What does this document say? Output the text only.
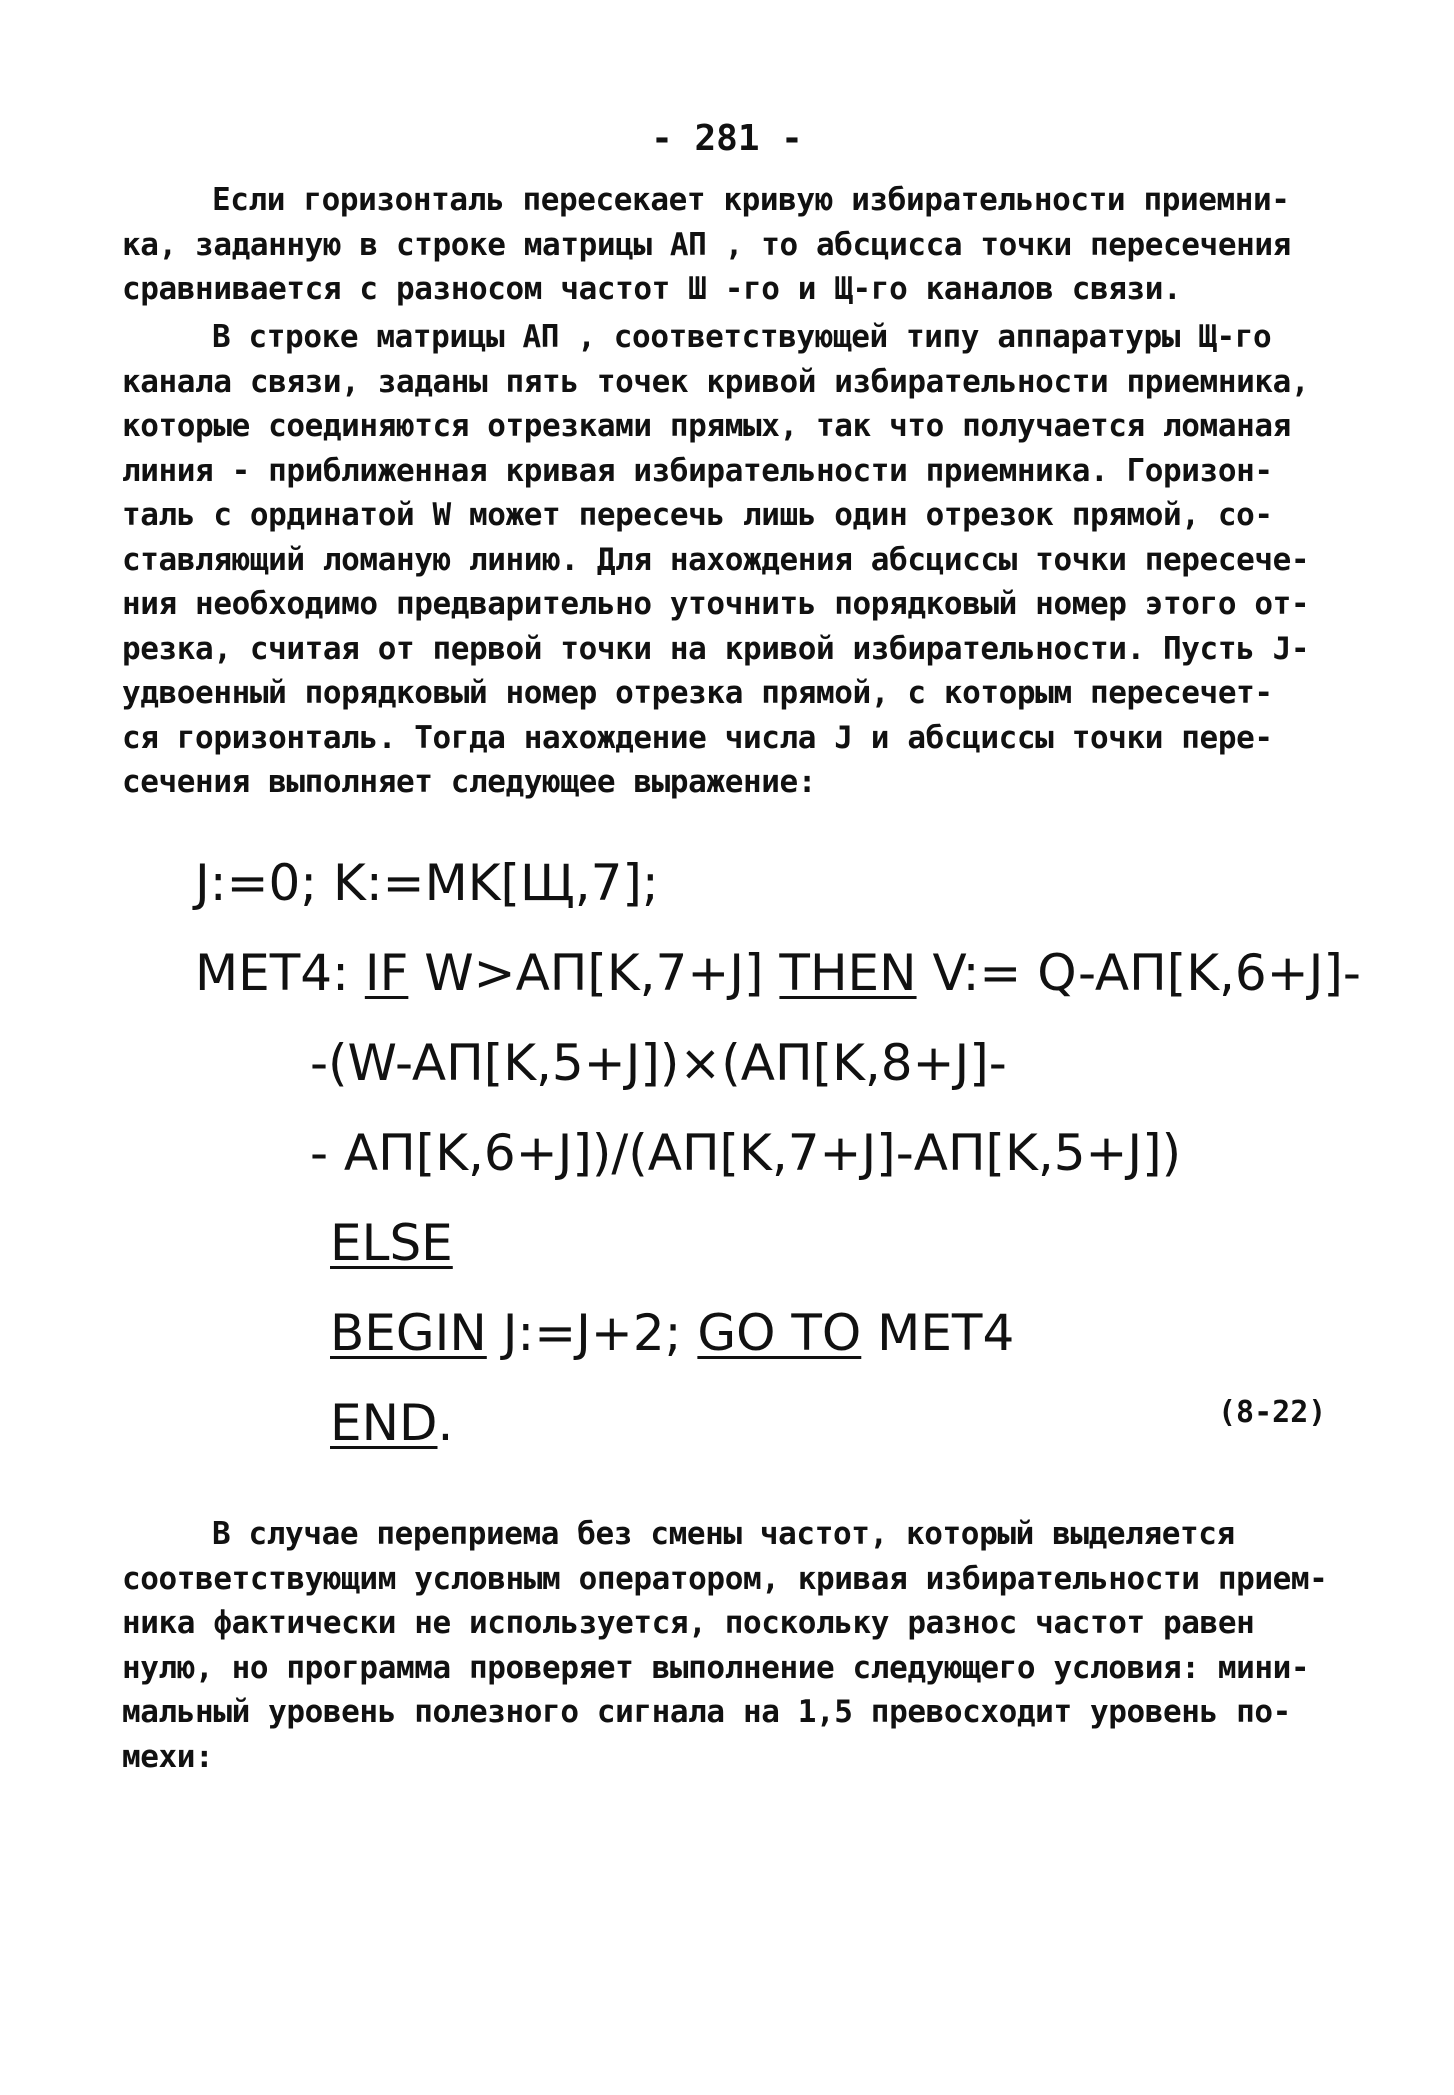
- 281 -

Если горизонталь пересекает кривую избирательности приемни-
ка, заданную в строке матрицы АП , то абсцисса точки пересечения
сравнивается с разносом частот Ш -го и Щ-го каналов связи.

В строке матрицы АП , соответствующей типу аппаратуры Щ-го
канала связи, заданы пять точек кривой избирательности приемника,
которые соединяются отрезками прямых, так что получается ломаная
линия - приближенная кривая избирательности приемника. Горизон-
таль с ординатой W может пересечь лишь один отрезок прямой, со-
ставляющий ломаную линию. Для нахождения абсциссы точки пересече-
ния необходимо предварительно уточнить порядковый номер этого от-
резка, считая от первой точки на кривой избирательности. Пусть J-
удвоенный порядковый номер отрезка прямой, с которым пересечет-
ся горизонталь. Тогда нахождение числа J и абсциссы точки пере-
сечения выполняет следующее выражение:

J:=0; K:=MK[Щ,7];
MET4: IF W>AП[K,7+J] THEN V:= Q-AП[K,6+J]-
-(W-AП[K,5+J])×(AП[K,8+J]-
- AП[K,6+J])/(AП[K,7+J]-AП[K,5+J])
ELSE
BEGIN J:=J+2; GO TO MET4
END.	(8-22)

В случае переприема без смены частот, который выделяется
соответствующим условным оператором, кривая избирательности прием-
ника фактически не используется, поскольку разнос частот равен
нулю, но программа проверяет выполнение следующего условия: мини-
мальный уровень полезного сигнала на 1,5 превосходит уровень по-
мехи:
